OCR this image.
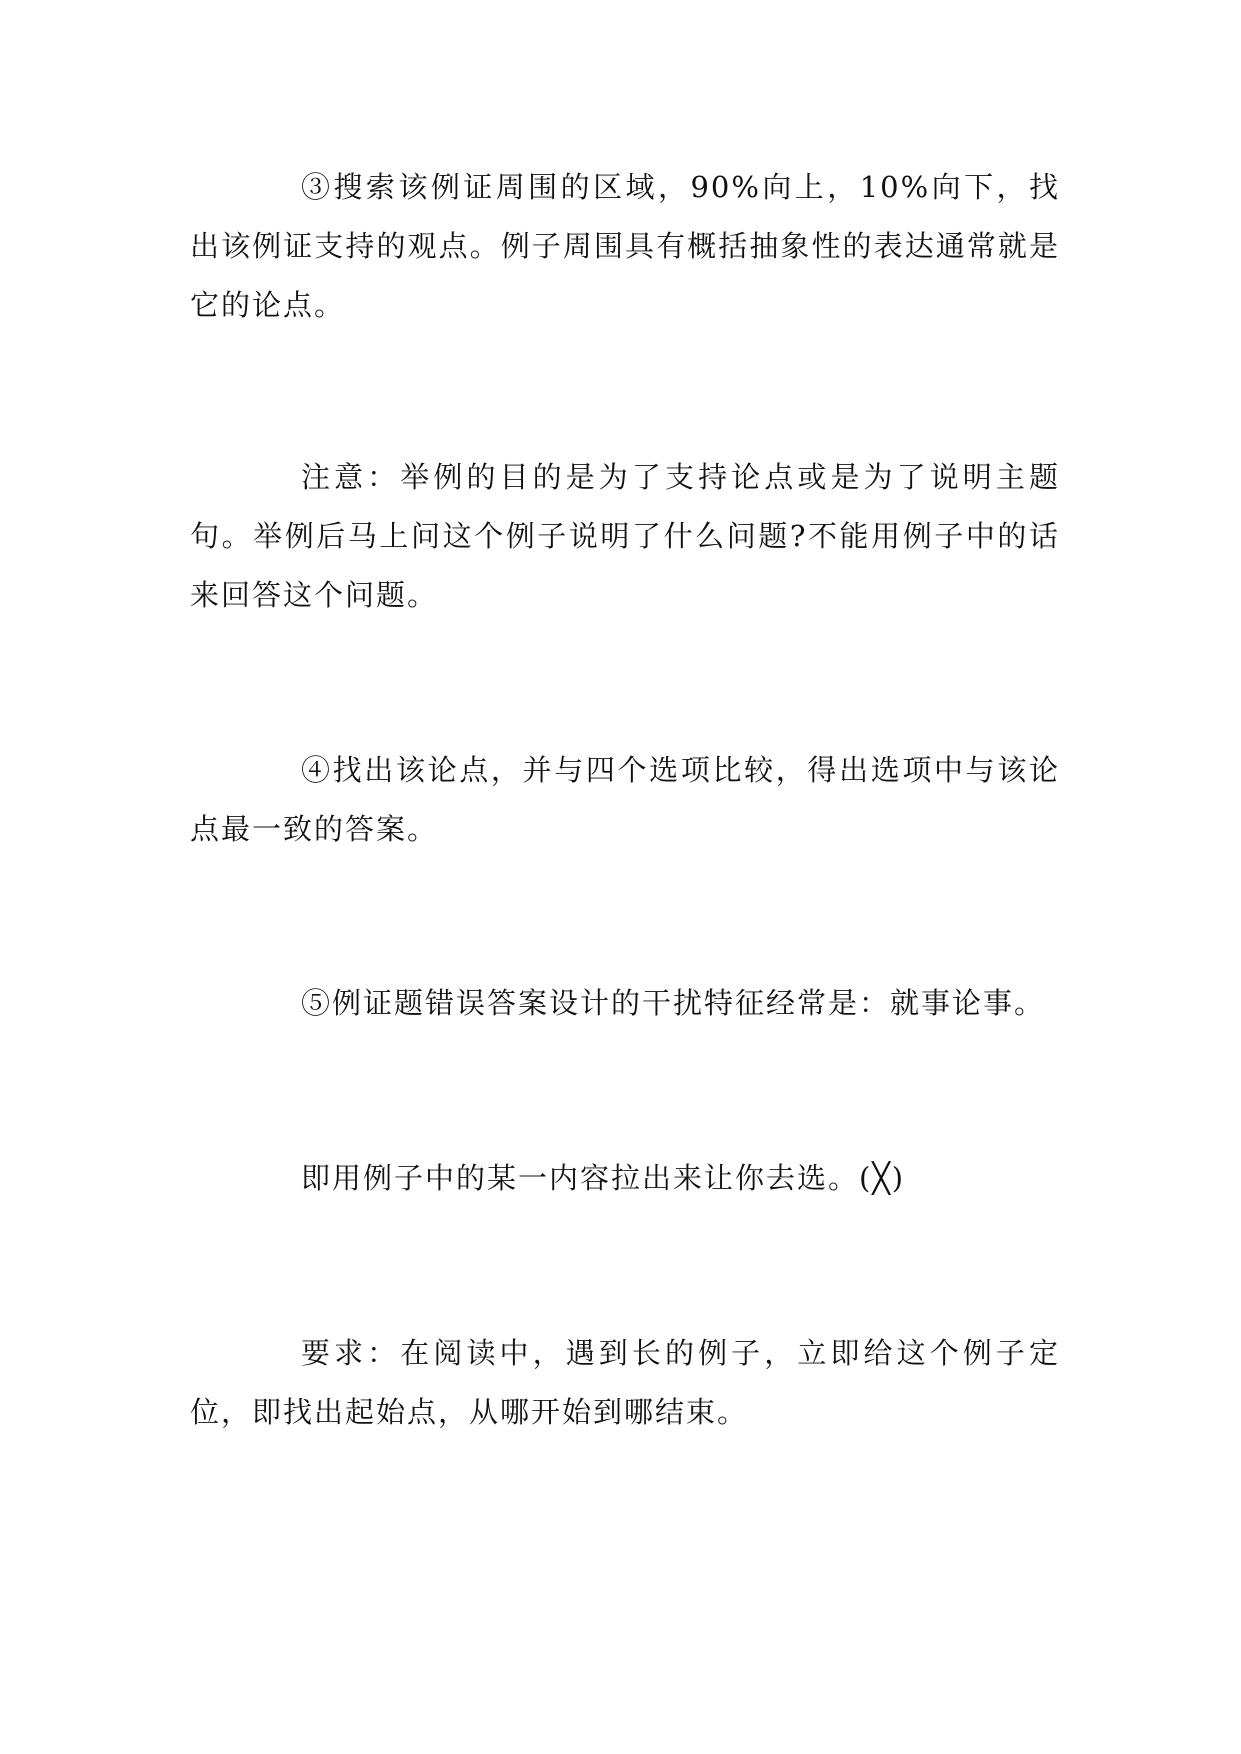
③搜索该例证周围的区域，90%向上，10%向下，找出该例证支持的观点。例子周围具有概括抽象性的表达通常就是它的论点。

注意：举例的目的是为了支持论点或是为了说明主题句。举例后马上问这个例子说明了什么问题?不能用例子中的话来回答这个问题。

④找出该论点，并与四个选项比较，得出选项中与该论点最一致的答案。

⑤例证题错误答案设计的干扰特征经常是：就事论事。

即用例子中的某一内容拉出来让你去选。(╳)

要求：在阅读中，遇到长的例子，立即给这个例子定位，即找出起始点，从哪开始到哪结束。
